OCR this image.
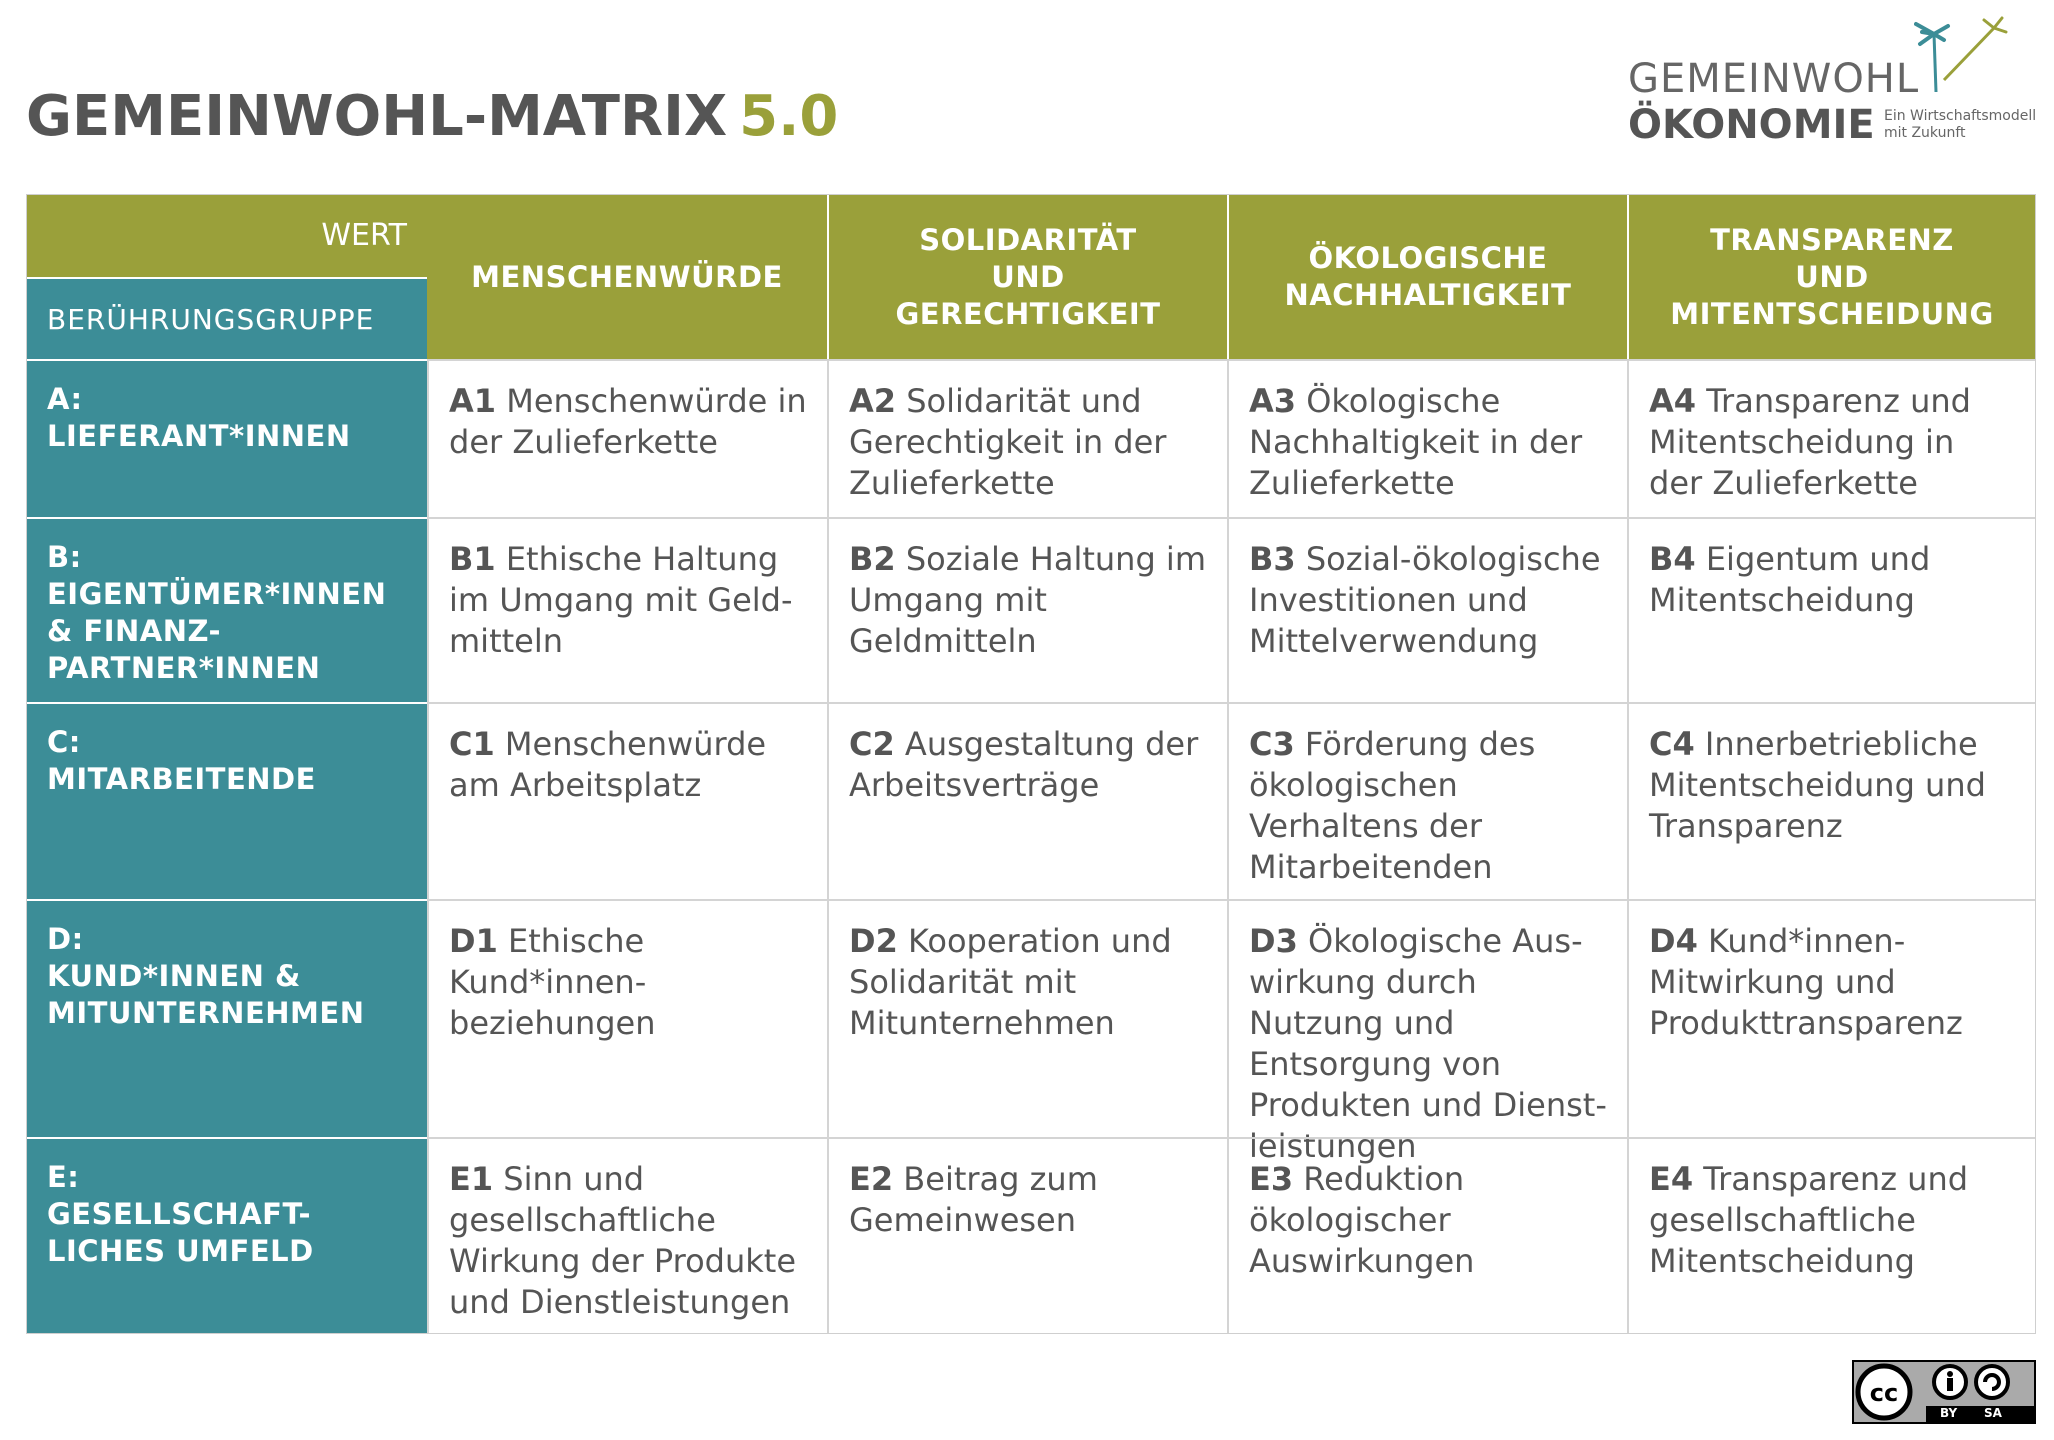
GEMEINWOHL-MATRIX 5.0
GEMEINWOHL
ÖKONOMIE Ein Wirtschaftsmodell
mit Zukunft
WERT
BERÜHRUNGSGRUPPE
MENSCHENWÜRDE
SOLIDARITÄT UND GERECHTIGKEIT
ÖKOLOGISCHE NACHHALTIGKEIT
TRANSPARENZ UND MITENTSCHEIDUNG
A:
LIEFERANT*INNEN
A1 Menschenwürde in der Zulieferkette
A2 Solidarität und Gerechtigkeit in der Zulieferkette
A3 Ökologische Nachhaltigkeit in der Zulieferkette
A4 Transparenz und Mitentscheidung in der Zulieferkette
B:
EIGENTÜMER*INNEN & FINANZ-PARTNER*INNEN
B1 Ethische Haltung im Umgang mit Geld-mitteln
B2 Soziale Haltung im Umgang mit Geldmitteln
B3 Sozial-ökologische Investitionen und Mittelverwendung
B4 Eigentum und Mitentscheidung
C:
MITARBEITENDE
C1 Menschenwürde am Arbeitsplatz
C2 Ausgestaltung der Arbeitsverträge
C3 Förderung des ökologischen Verhaltens der Mitarbeitenden
C4 Innerbetriebliche Mitentscheidung und Transparenz
D:
KUND*INNEN & MITUNTERNEHMEN
D1 Ethische Kund*innen-beziehungen
D2 Kooperation und Solidarität mit Mitunternehmen
D3 Ökologische Aus-wirkung durch Nutzung und Entsorgung von Produkten und Dienst-leistungen
D4 Kund*innen-Mitwirkung und Produkttransparenz
E:
GESELLSCHAFT-LICHES UMFELD
E1 Sinn und gesellschaftliche Wirkung der Produkte und Dienstleistungen
E2 Beitrag zum Gemeinwesen
E3 Reduktion ökologischer Auswirkungen
E4 Transparenz und gesellschaftliche Mitentscheidung
cc
BY SA
